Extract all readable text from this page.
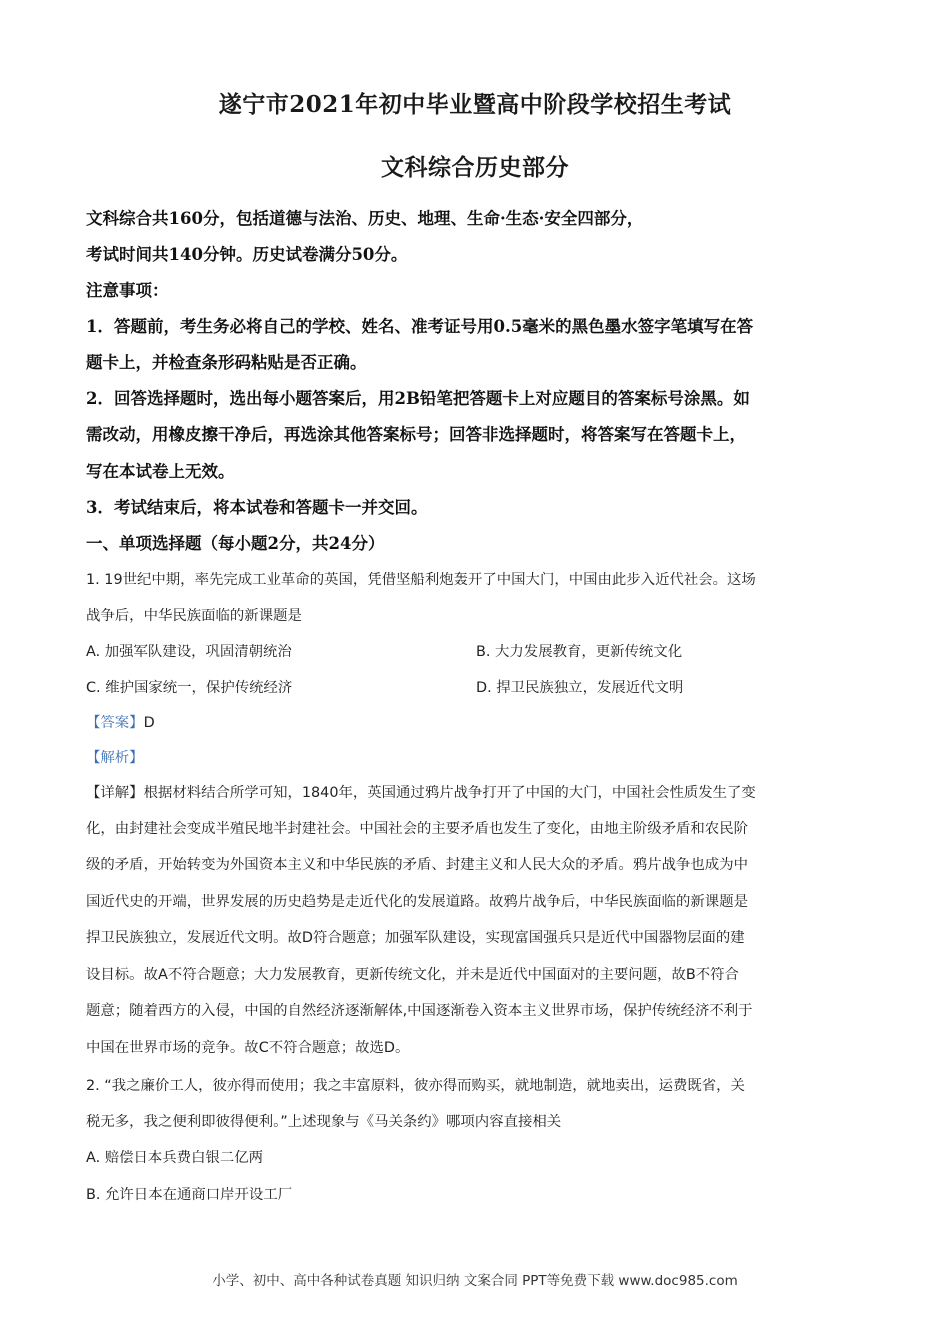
遂宁市2021年初中毕业暨高中阶段学校招生考试
文科综合历史部分
文科综合共160分，包括道德与法治、历史、地理、生命·生态·安全四部分，
考试时间共140分钟。历史试卷满分50分。
注意事项：
1．答题前，考生务必将自己的学校、姓名、准考证号用0.5毫米的黑色墨水签字笔填写在答
题卡上，并检查条形码粘贴是否正确。
2．回答选择题时，选出每小题答案后，用2B铅笔把答题卡上对应题目的答案标号涂黑。如
需改动，用橡皮擦干净后，再选涂其他答案标号；回答非选择题时，将答案写在答题卡上，
写在本试卷上无效。
3．考试结束后，将本试卷和答题卡一并交回。
一、单项选择题（每小题2分，共24分）
1. 19世纪中期，率先完成工业革命的英国，凭借坚船利炮轰开了中国大门，中国由此步入近代社会。这场
战争后，中华民族面临的新课题是
A. 加强军队建设，巩固清朝统治	B. 大力发展教育，更新传统文化
C. 维护国家统一，保护传统经济	D. 捍卫民族独立，发展近代文明
【答案】D
【解析】
【详解】根据材料结合所学可知，1840年，英国通过鸦片战争打开了中国的大门，中国社会性质发生了变
化，由封建社会变成半殖民地半封建社会。中国社会的主要矛盾也发生了变化，由地主阶级矛盾和农民阶
级的矛盾，开始转变为外国资本主义和中华民族的矛盾、封建主义和人民大众的矛盾。鸦片战争也成为中
国近代史的开端，世界发展的历史趋势是走近代化的发展道路。故鸦片战争后，中华民族面临的新课题是
捍卫民族独立，发展近代文明。故D符合题意；加强军队建设，实现富国强兵只是近代中国器物层面的建
设目标。故A不符合题意；大力发展教育，更新传统文化，并未是近代中国面对的主要问题，故B不符合
题意；随着西方的入侵，中国的自然经济逐渐解体,中国逐渐卷入资本主义世界市场，保护传统经济不利于
中国在世界市场的竞争。故C不符合题意；故选D。
2. “我之廉价工人，彼亦得而使用；我之丰富原料，彼亦得而购买，就地制造，就地卖出，运费既省，关
税无多，我之便利即彼得便利。”上述现象与《马关条约》哪项内容直接相关
A. 赔偿日本兵费白银二亿两
B. 允许日本在通商口岸开设工厂
小学、初中、高中各种试卷真题 知识归纳 文案合同 PPT等免费下载 www.doc985.com
